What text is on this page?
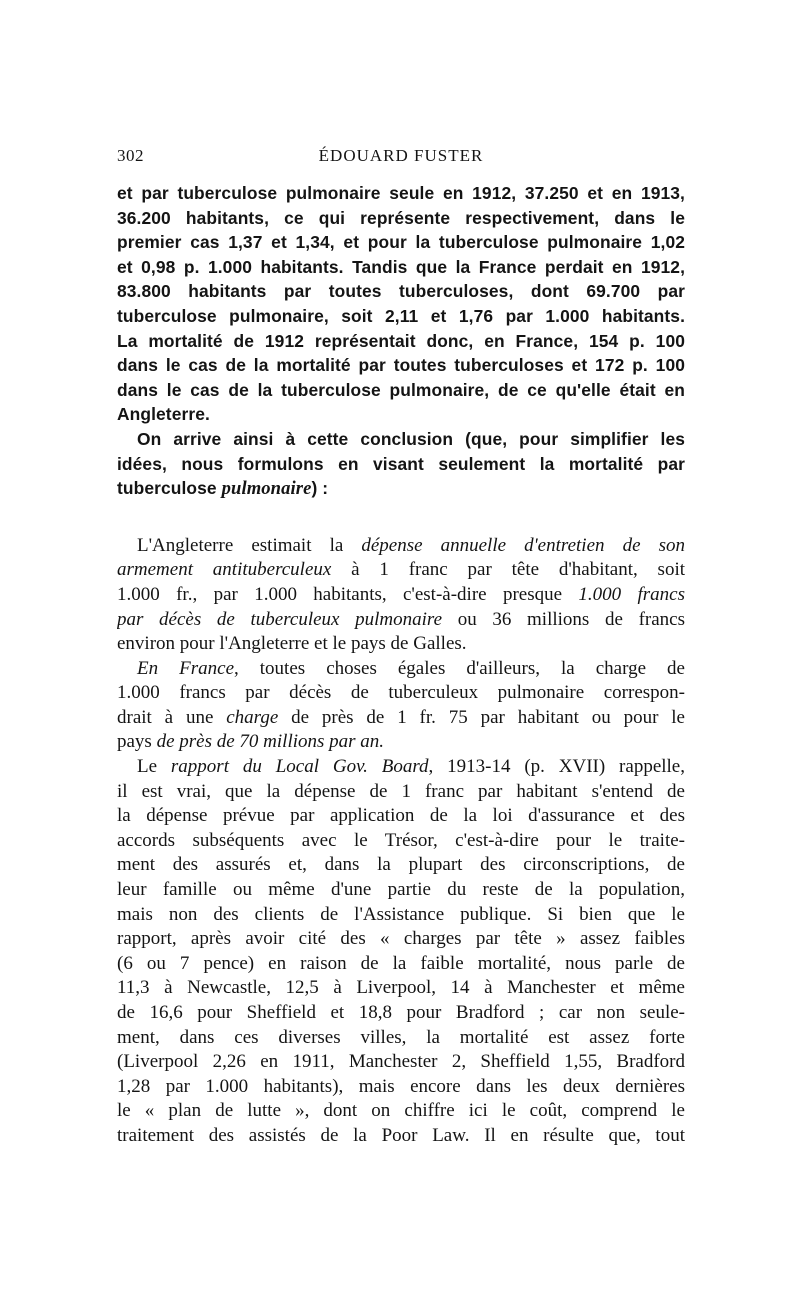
302	ÉDOUARD FUSTER
et par tuberculose pulmonaire seule en 1912, 37.250 et en 1913,
36.200 habitants, ce qui représente respectivement, dans le
premier cas 1,37 et 1,34, et pour la tuberculose pulmonaire 1,02
et 0,98 p. 1.000 habitants. Tandis que la France perdait en 1912,
83.800 habitants par toutes tuberculoses, dont 69.700 par
tuberculose pulmonaire, soit 2,11 et 1,76 par 1.000 habitants.
La mortalité de 1912 représentait donc, en France, 154 p. 100
dans le cas de la mortalité par toutes tuberculoses et 172 p. 100
dans le cas de la tuberculose pulmonaire, de ce qu'elle était en
Angleterre.
On arrive ainsi à cette conclusion (que, pour simplifier les
idées, nous formulons en visant seulement la mortalité par
tuberculose pulmonaire) :
L'Angleterre estimait la dépense annuelle d'entretien de son
armement antituberculeux à 1 franc par tête d'habitant, soit
1.000 fr., par 1.000 habitants, c'est-à-dire presque 1.000 francs
par décès de tuberculeux pulmonaire ou 36 millions de francs
environ pour l'Angleterre et le pays de Galles.
En France, toutes choses égales d'ailleurs, la charge de
1.000 francs par décès de tuberculeux pulmonaire correspon-
drait à une charge de près de 1 fr. 75 par habitant ou pour le
pays de près de 70 millions par an.
Le rapport du Local Gov. Board, 1913-14 (p. XVII) rappelle,
il est vrai, que la dépense de 1 franc par habitant s'entend de
la dépense prévue par application de la loi d'assurance et des
accords subséquents avec le Trésor, c'est-à-dire pour le traite-
ment des assurés et, dans la plupart des circonscriptions, de
leur famille ou même d'une partie du reste de la population,
mais non des clients de l'Assistance publique. Si bien que le
rapport, après avoir cité des « charges par tête » assez faibles
(6 ou 7 pence) en raison de la faible mortalité, nous parle de
11,3 à Newcastle, 12,5 à Liverpool, 14 à Manchester et même
de 16,6 pour Sheffield et 18,8 pour Bradford ; car non seule-
ment, dans ces diverses villes, la mortalité est assez forte
(Liverpool 2,26 en 1911, Manchester 2, Sheffield 1,55, Bradford
1,28 par 1.000 habitants), mais encore dans les deux dernières
le « plan de lutte », dont on chiffre ici le coût, comprend le
traitement des assistés de la Poor Law. Il en résulte que, tout
